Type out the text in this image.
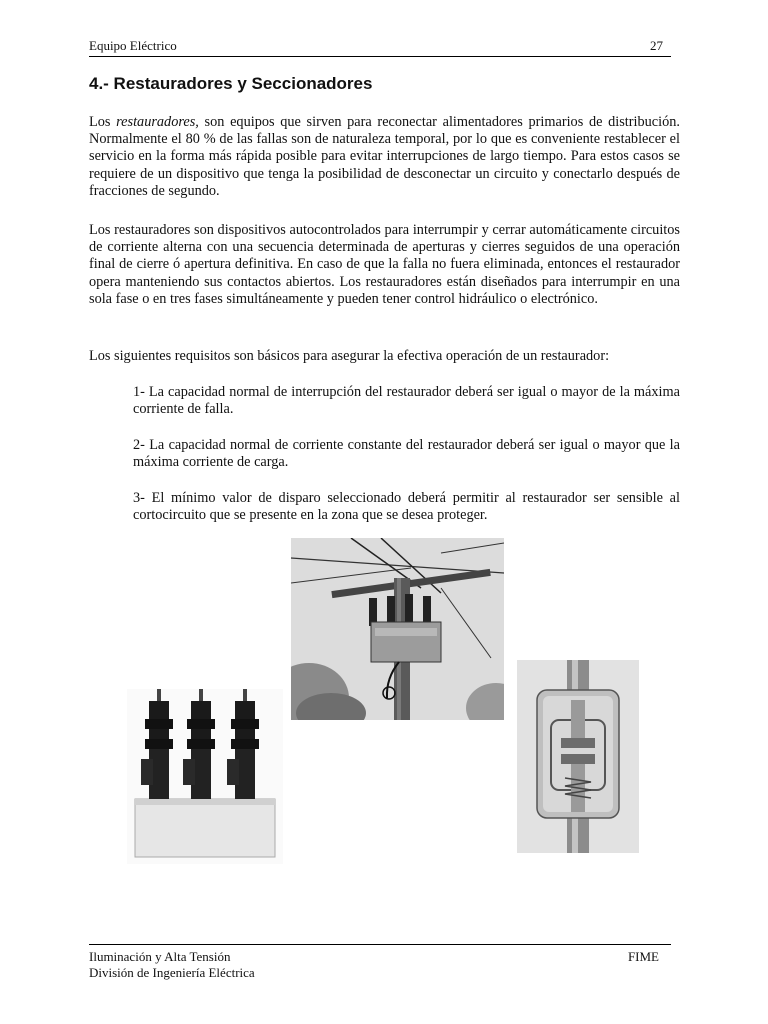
Equipo Eléctrico	27
4.- Restauradores y Seccionadores

Los restauradores, son equipos que sirven para reconectar alimentadores primarios de distribución. Normalmente el 80 % de las fallas son de naturaleza temporal, por lo que es conveniente restablecer el servicio en la forma más rápida posible para evitar interrupciones de largo tiempo. Para estos casos se requiere de un dispositivo que tenga la posibilidad de desconectar un circuito y conectarlo después de fracciones de segundo.

Los restauradores son dispositivos autocontrolados para interrumpir y cerrar automáticamente circuitos de corriente alterna con una secuencia determinada de aperturas y cierres seguidos de una operación final de cierre ó apertura definitiva. En caso de que la falla no fuera eliminada, entonces el restaurador opera manteniendo sus contactos abiertos. Los restauradores están diseñados para interrumpir en una sola fase o en tres fases simultáneamente y pueden tener control hidráulico o electrónico.

Los siguientes requisitos son básicos para asegurar la efectiva operación de un restaurador:

1- La capacidad normal de interrupción del restaurador deberá ser igual o mayor de la máxima corriente de falla.

2- La capacidad normal de corriente constante del restaurador deberá ser igual o mayor que la máxima corriente de carga.

3- El mínimo valor de disparo seleccionado deberá permitir al restaurador ser sensible al cortocircuito que se presente en la zona que se desea proteger.

Iluminación y Alta Tensión
División de Ingeniería Eléctrica
FIME
